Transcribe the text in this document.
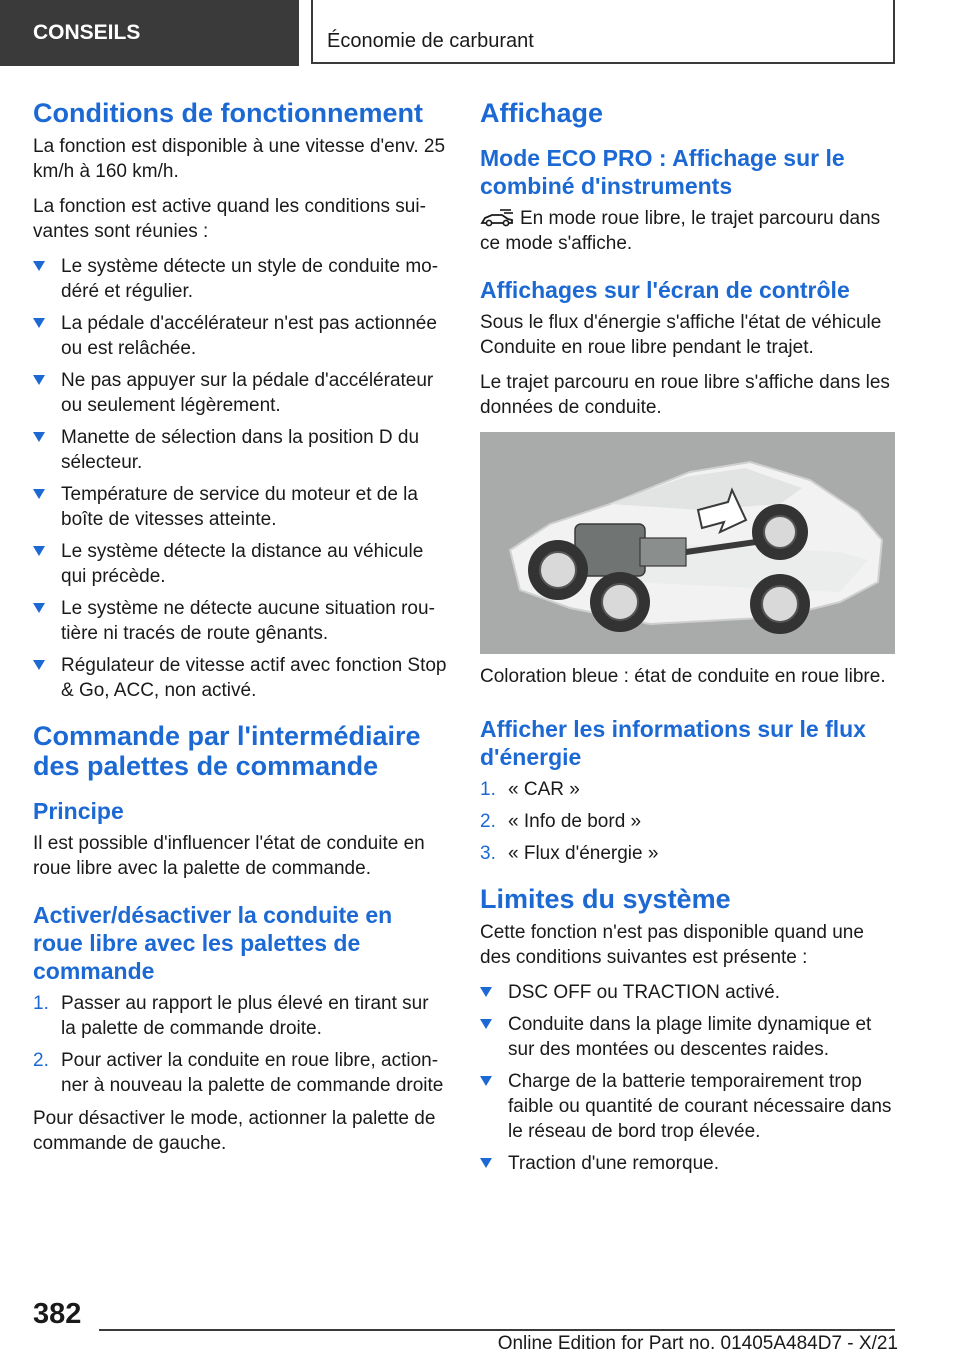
CONSEILS	Économie de carburant
Conditions de fonctionnement

La fonction est disponible à une vitesse d'env. 25 km/h à 160 km/h.

La fonction est active quand les conditions sui-vantes sont réunies :

Le système détecte un style de conduite mo-déré et régulier.
La pédale d'accélérateur n'est pas actionnée ou est relâchée.
Ne pas appuyer sur la pédale d'accélérateur ou seulement légèrement.
Manette de sélection dans la position D du sélecteur.
Température de service du moteur et de la boîte de vitesses atteinte.
Le système détecte la distance au véhicule qui précède.
Le système ne détecte aucune situation rou-tière ni tracés de route gênants.
Régulateur de vitesse actif avec fonction Stop & Go, ACC, non activé.
Commande par l'intermédiaire des palettes de commande
Principe

Il est possible d'influencer l'état de conduite en roue libre avec la palette de commande.

Activer/désactiver la conduite en roue libre avec les palettes de commande
1. Passer au rapport le plus élevé en tirant sur la palette de commande droite.
2. Pour activer la conduite en roue libre, action-ner à nouveau la palette de commande droite

Pour désactiver le mode, actionner la palette de commande de gauche.

Affichage
Mode ECO PRO : Affichage sur le combiné d'instruments

En mode roue libre, le trajet parcouru dans ce mode s'affiche.

Affichages sur l'écran de contrôle

Sous le flux d'énergie s'affiche l'état de véhicule Conduite en roue libre pendant le trajet.

Le trajet parcouru en roue libre s'affiche dans les données de conduite.

Coloration bleue : état de conduite en roue libre.

Afficher les informations sur le flux d'énergie
1. « CAR »
2. « Info de bord »
3. « Flux d'énergie »
Limites du système

Cette fonction n'est pas disponible quand une des conditions suivantes est présente :

DSC OFF ou TRACTION activé.
Conduite dans la plage limite dynamique et sur des montées ou descentes raides.
Charge de la batterie temporairement trop faible ou quantité de courant nécessaire dans le réseau de bord trop élevée.
Traction d'une remorque.
382
Online Edition for Part no. 01405A484D7 - X/21
